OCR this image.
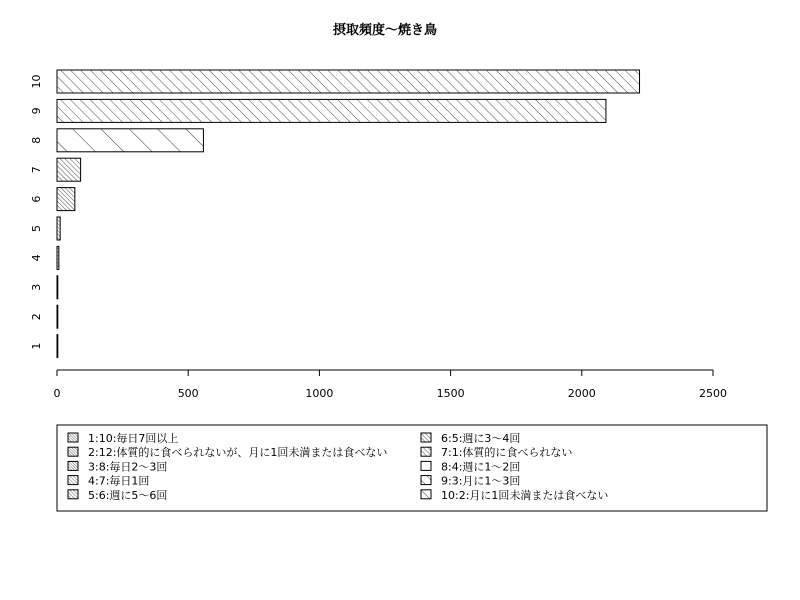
摂取頻度〜焼き鳥
0	500	1000	1500	2000	2500
1
2
3
4
5
6
7
8
9
10
1:10:毎日7回以上
2:12:体質的に食べられないが、月に1回未満または食べない
3:8:毎日2〜3回
4:7:毎日1回
5:6:週に5〜6回
6:5:週に3〜4回
7:1:体質的に食べられない
8:4:週に1〜2回
9:3:月に1〜3回
10:2:月に1回未満または食べない
